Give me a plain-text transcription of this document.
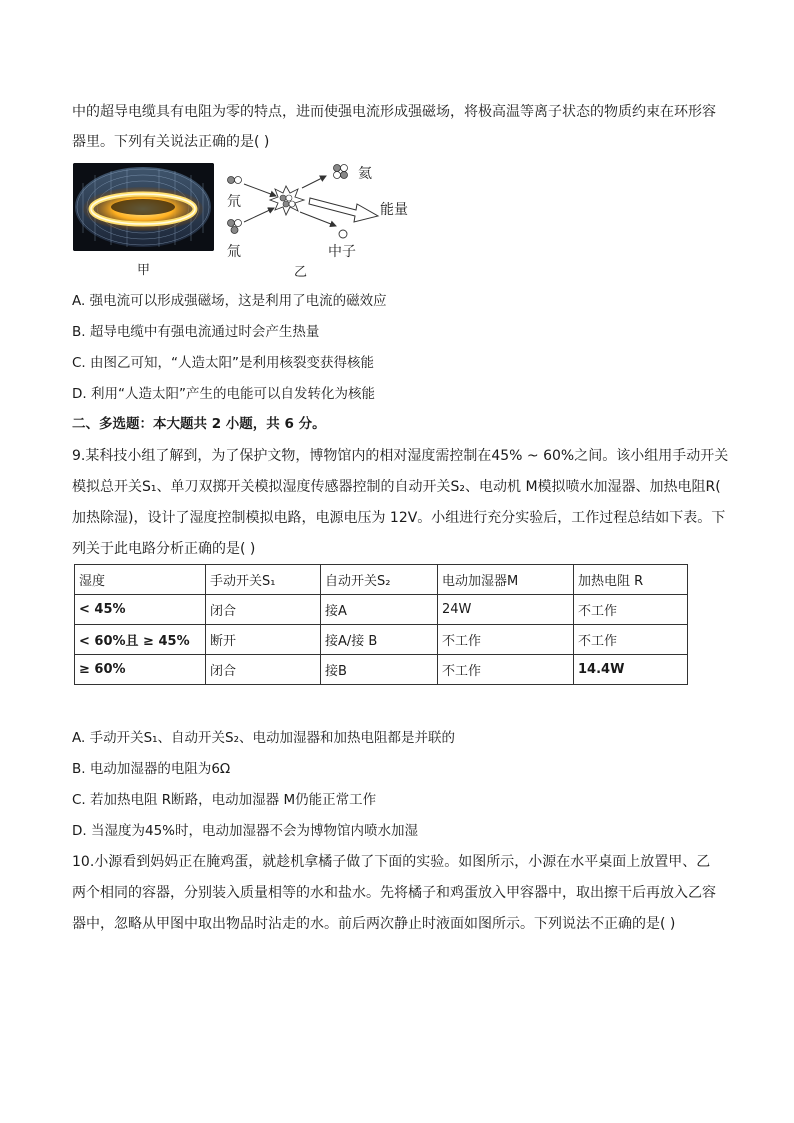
中的超导电缆具有电阻为零的特点，进而使强电流形成强磁场，将极高温等离子状态的物质约束在环形容
器里。下列有关说法正确的是( )
甲
氘
氚
氦
能量
中子
乙
A. 强电流可以形成强磁场，这是利用了电流的磁效应
B. 超导电缆中有强电流通过时会产生热量
C. 由图乙可知，“人造太阳”是利用核裂变获得核能
D. 利用“人造太阳”产生的电能可以自发转化为核能
二、多选题：本大题共 2 小题，共 6 分。
9.某科技小组了解到，为了保护文物，博物馆内的相对湿度需控制在45% ~ 60%之间。该小组用手动开关
模拟总开关S₁、单刀双掷开关模拟湿度传感器控制的自动开关S₂、电动机 M模拟喷水加湿器、加热电阻R(
加热除湿)，设计了湿度控制模拟电路，电源电压为 12V。小组进行充分实验后，工作过程总结如下表。下
列关于此电路分析正确的是( )
湿度	手动开关S₁	自动开关S₂	电动加湿器M	加热电阻 R
< 45%	闭合	接A	24W	不工作
< 60%且 ≥ 45%	断开	接A/接 B	不工作	不工作
≥ 60%	闭合	接B	不工作	14.4W
A. 手动开关S₁、自动开关S₂、电动加湿器和加热电阻都是并联的
B. 电动加湿器的电阻为6Ω
C. 若加热电阻 R断路，电动加湿器 M仍能正常工作
D. 当湿度为45%时，电动加湿器不会为博物馆内喷水加湿
10.小源看到妈妈正在腌鸡蛋，就趁机拿橘子做了下面的实验。如图所示，小源在水平桌面上放置甲、乙
两个相同的容器，分别装入质量相等的水和盐水。先将橘子和鸡蛋放入甲容器中，取出擦干后再放入乙容
器中，忽略从甲图中取出物品时沾走的水。前后两次静止时液面如图所示。下列说法不正确的是( )
